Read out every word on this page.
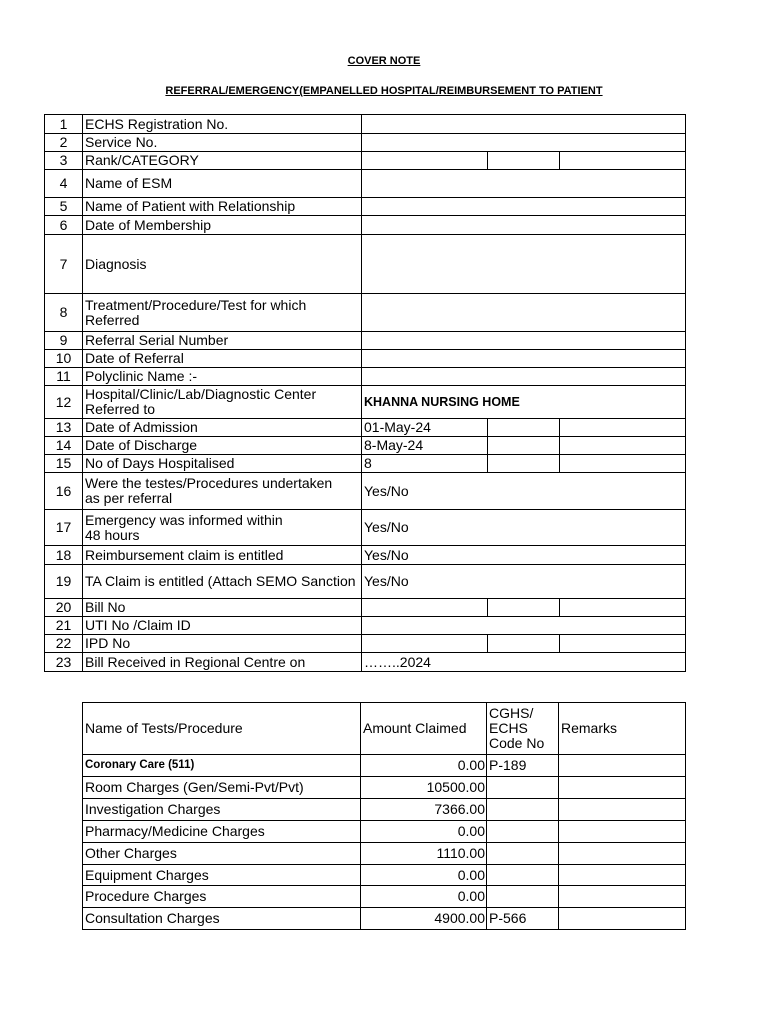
COVER NOTE
REFERRAL/EMERGENCY(EMPANELLED HOSPITAL/REIMBURSEMENT TO PATIENT
1	ECHS Registration No.			
2	Service No.			
3	Rank/CATEGORY			
4	Name of ESM			
5	Name of Patient with Relationship			
6	Date of Membership			
7	Diagnosis			
8	Treatment/Procedure/Test for which
Referred			
9	Referral Serial Number			
10	Date of Referral			
11	Polyclinic Name :-			
12	Hospital/Clinic/Lab/Diagnostic Center Referred to	KHANNA NURSING HOME		
13	Date of Admission	01-May-24		
14	Date of Discharge	8-May-24		
15	No of Days Hospitalised	8		
16	Were the testes/Procedures undertaken
as per referral	Yes/No		
17	Emergency was informed within
48 hours	Yes/No		
18	Reimbursement claim is entitled	Yes/No		
19	TA Claim is entitled (Attach SEMO Sanction	Yes/No		
20	Bill No			
21	UTI No /Claim ID			
22	IPD No			
23	Bill Received in Regional Centre on	……..2024		
Name of Tests/Procedure	Amount Claimed	CGHS/ ECHS Code No	Remarks
Coronary Care (511)	0.00	P-189	
Room Charges (Gen/Semi-Pvt/Pvt)	10500.00		
Investigation Charges	7366.00		
Pharmacy/Medicine Charges	0.00		
Other Charges	1110.00		
Equipment Charges	0.00		
Procedure Charges	0.00		
Consultation Charges	4900.00	P-566	
